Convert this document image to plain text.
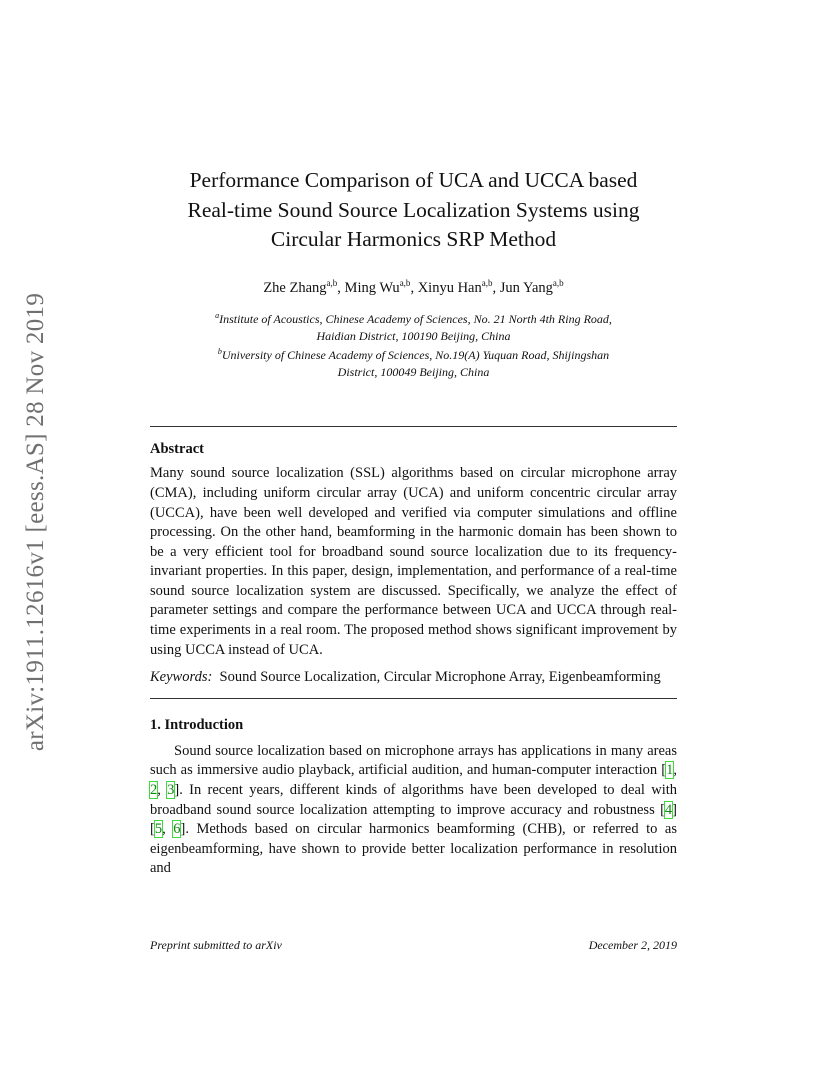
arXiv:1911.12616v1 [eess.AS] 28 Nov 2019
Performance Comparison of UCA and UCCA based
Real-time Sound Source Localization Systems using
Circular Harmonics SRP Method
Zhe Zhang$^{a,b}$, Ming Wu$^{a,b}$, Xinyu Han$^{a,b}$, Jun Yang$^{a,b}$
$^a$Institute of Acoustics, Chinese Academy of Sciences, No. 21 North 4th Ring Road,
Haidian District, 100190 Beijing, China
$^b$University of Chinese Academy of Sciences, No.19(A) Yuquan Road, Shijingshan
District, 100049 Beijing, China
Abstract

Many sound source localization (SSL) algorithms based on circular microphone array (CMA), including uniform circular array (UCA) and uniform concentric circular array (UCCA), have been well developed and verified via computer simulations and offline processing. On the other hand, beamforming in the harmonic domain has been shown to be a very efficient tool for broadband sound source localization due to its frequency-invariant properties. In this paper, design, implementation, and performance of a real-time sound source localization system are discussed. Specifically, we analyze the effect of parameter settings and compare the performance between UCA and UCCA through real-time experiments in a real room. The proposed method shows significant improvement by using UCCA instead of UCA.

Keywords: Sound Source Localization, Circular Microphone Array, Eigenbeamforming

1. Introduction

Sound source localization based on microphone arrays has applications in many areas such as immersive audio playback, artificial audition, and human-computer interaction [1, 2, 3]. In recent years, different kinds of algorithms have been developed to deal with broadband sound source localization attempting to improve accuracy and robustness [4] [5, 6]. Methods based on circular harmonics beamforming (CHB), or referred to as eigenbeamforming, have shown to provide better localization performance in resolution and

Preprint submitted to arXiv	December 2, 2019
